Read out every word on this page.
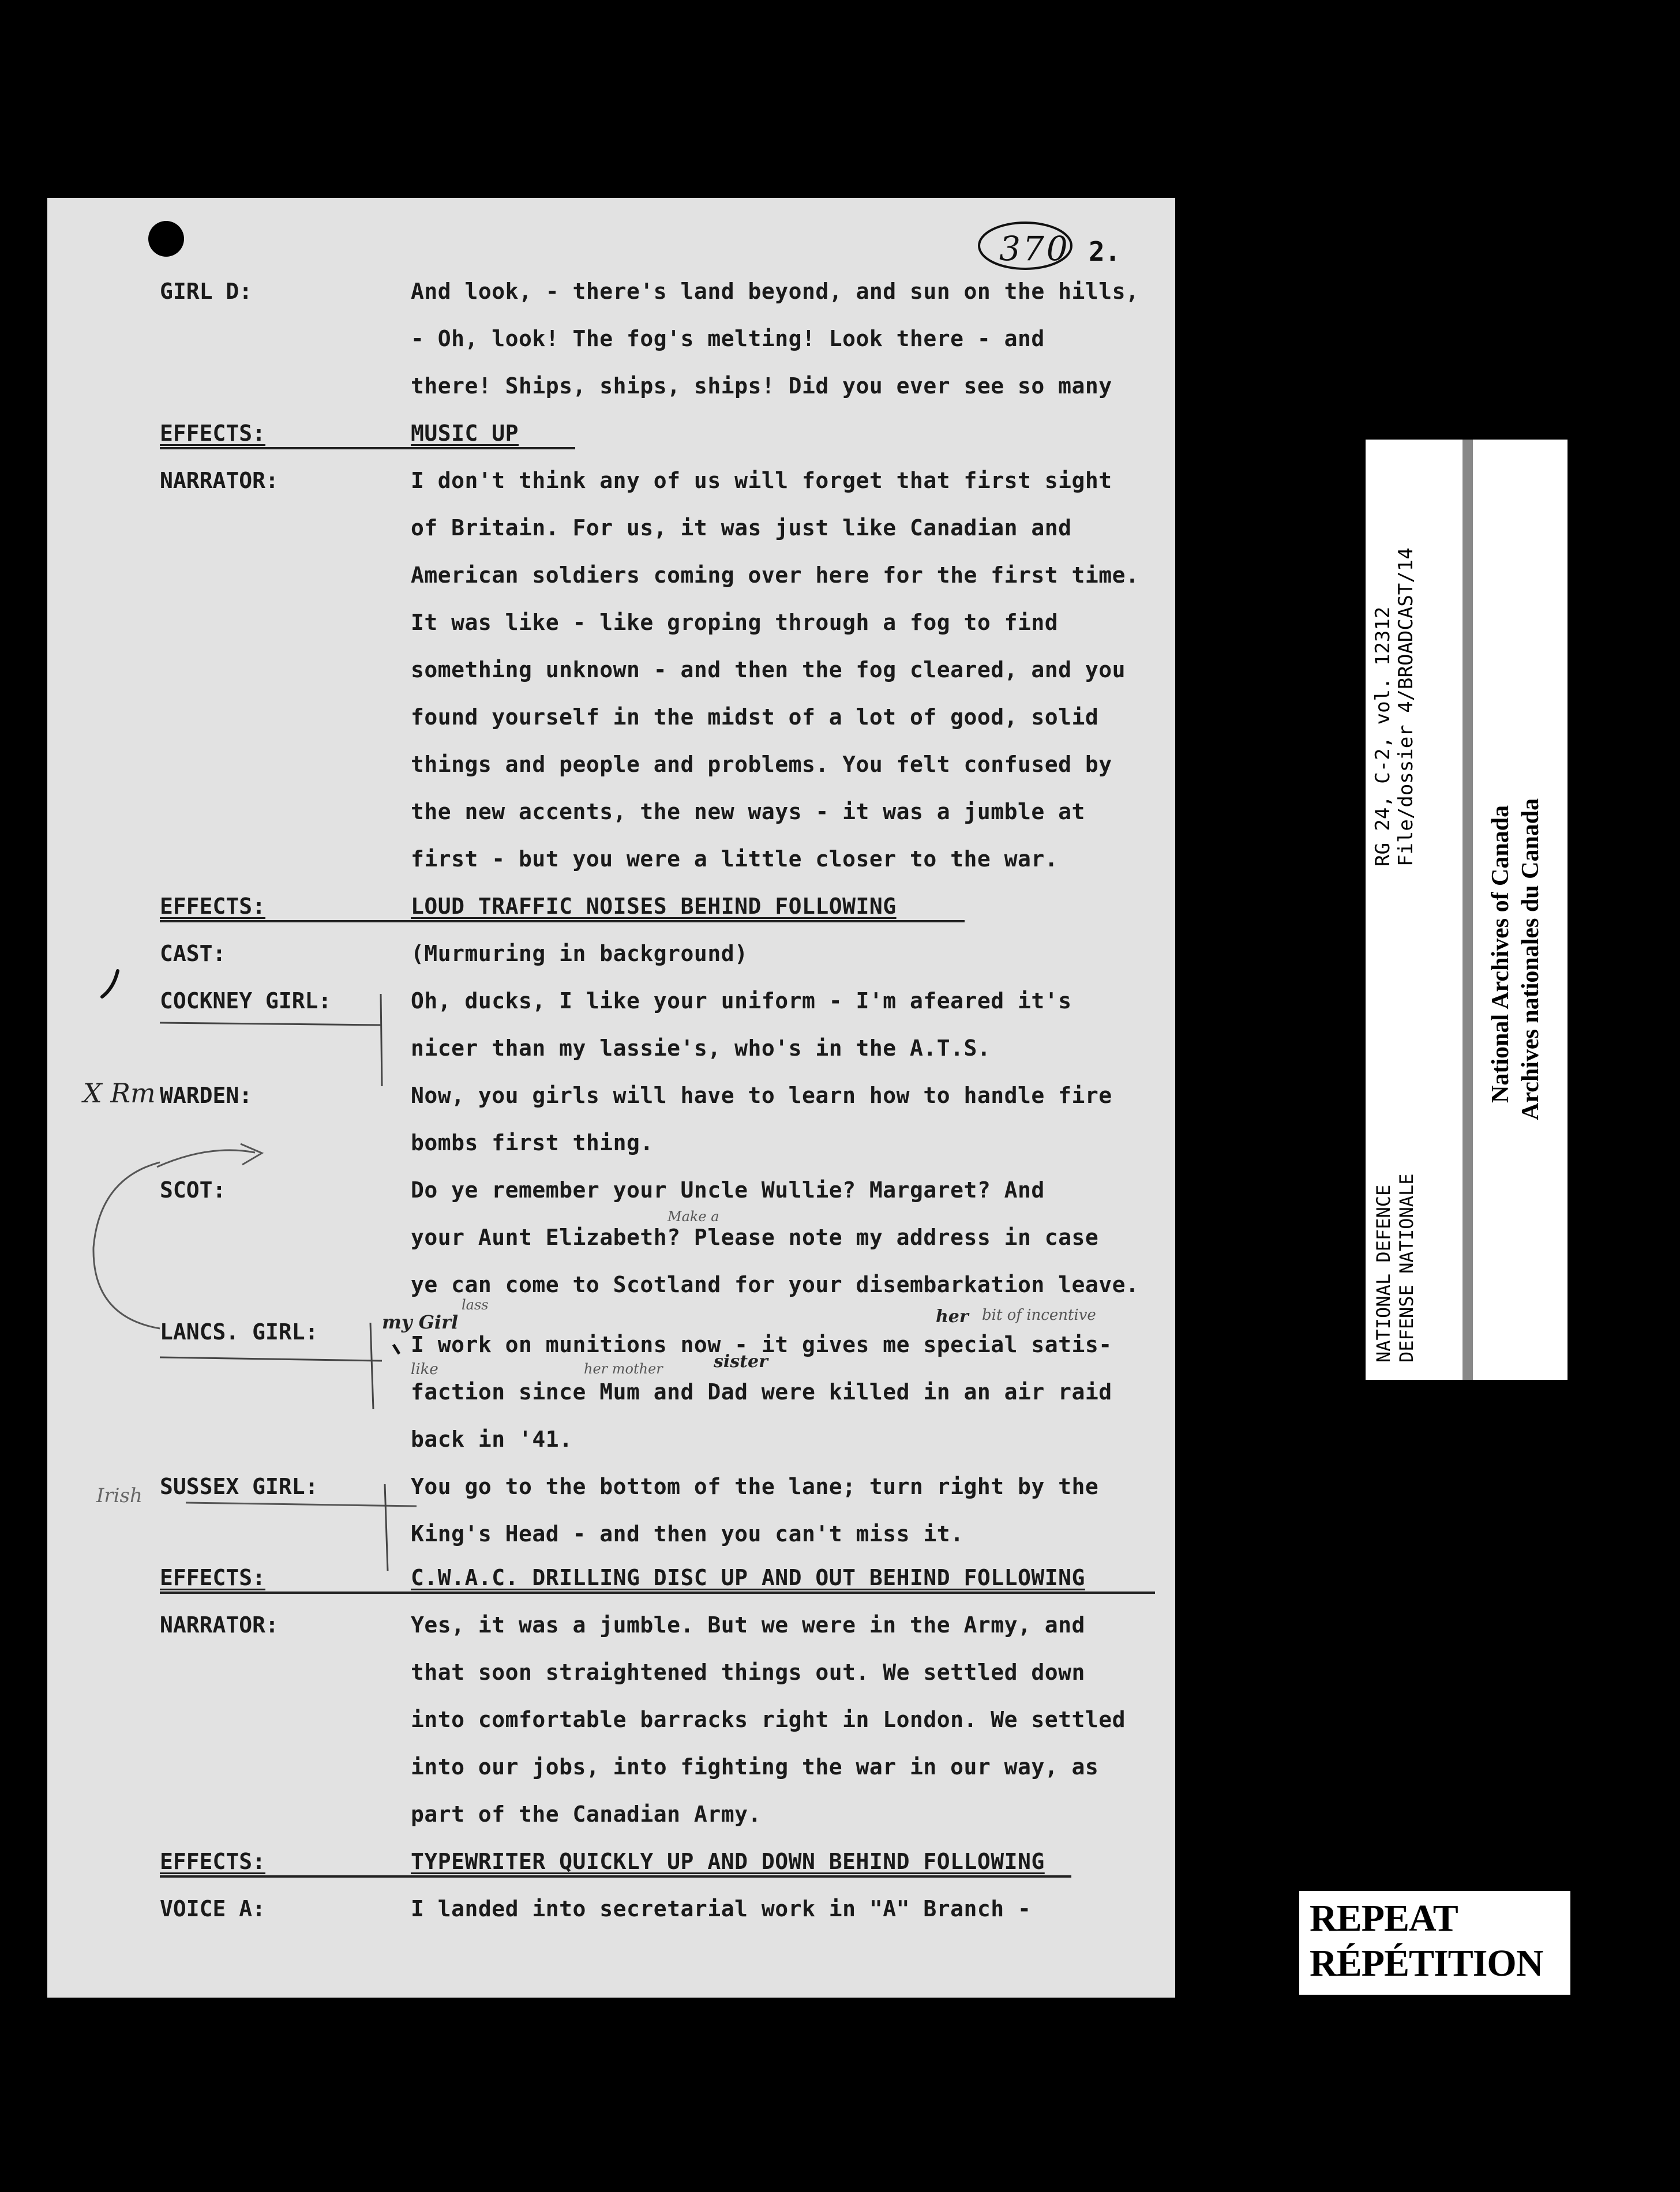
370 2.
GIRL D:	And look, - there's land beyond, and sun on the hills,
- Oh, look! The fog's melting! Look there - and
there! Ships, ships, ships! Did you ever see so many
EFFECTS:	MUSIC UP
NARRATOR:	I don't think any of us will forget that first sight
of Britain. For us, it was just like Canadian and
American soldiers coming over here for the first time.
It was like - like groping through a fog to find
something unknown - and then the fog cleared, and you
found yourself in the midst of a lot of good, solid
things and people and problems. You felt confused by
the new accents, the new ways - it was a jumble at
first - but you were a little closer to the war.
EFFECTS:	LOUD TRAFFIC NOISES BEHIND FOLLOWING
CAST:	(Murmuring in background)
COCKNEY GIRL:	Oh, ducks, I like your uniform - I'm afeared it's
nicer than my lassie's, who's in the A.T.S.
WARDEN:	Now, you girls will have to learn how to handle fire
bombs first thing.
SCOT:	Do ye remember your Uncle Wullie? Margaret? And
your Aunt Elizabeth? Please note my address in case
ye can come to Scotland for your disembarkation leave.
LANCS. GIRL:	I work on munitions now - it gives me special satis-
faction since Mum and Dad were killed in an air raid
back in '41.
SUSSEX GIRL:	You go to the bottom of the lane; turn right by the
King's Head - and then you can't miss it.
EFFECTS:	C.W.A.C. DRILLING DISC UP AND OUT BEHIND FOLLOWING
NARRATOR:	Yes, it was a jumble. But we were in the Army, and
that soon straightened things out. We settled down
into comfortable barracks right in London. We settled
into our jobs, into fighting the war in our way, as
part of the Canadian Army.
EFFECTS:	TYPEWRITER QUICKLY UP AND DOWN BEHIND FOLLOWING
VOICE A:	I landed into secretarial work in "A" Branch -
X Rm
Make a
my Girl
lass
her bit of incentive
like	her mother	sister
Irish
RG 24, C-2, vol. 12312 File/dossier 4/BROADCAST/14
NATIONAL DEFENCE DEFENSE NATIONALE
National Archives of Canada Archives nationales du Canada
REPEAT
RÉPÉTITION
